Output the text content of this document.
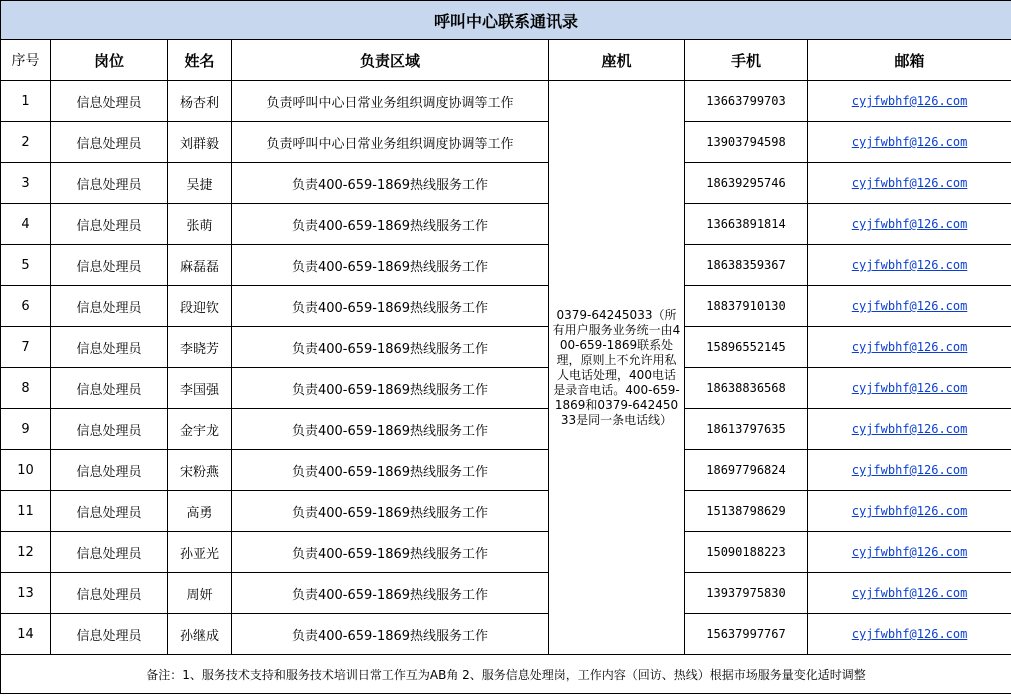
呼叫中心联系通讯录						
序号	岗位	姓名	负责区域	座机	手机	邮箱
1	信息处理员	杨杏利	负责呼叫中心日常业务组织调度协调等工作	0379-64245033（所有用户服务业务统一由400-659-1869联系处理，原则上不允许用私人电话处理，400电话是录音电话。400-659-1869和0379-64245033是同一条电话线）	13663799703	cyjfwbhf@126.com
2	信息处理员	刘群毅	负责呼叫中心日常业务组织调度协调等工作		13903794598	cyjfwbhf@126.com
3	信息处理员	吴捷	负责400-659-1869热线服务工作		18639295746	cyjfwbhf@126.com
4	信息处理员	张萌	负责400-659-1869热线服务工作		13663891814	cyjfwbhf@126.com
5	信息处理员	麻磊磊	负责400-659-1869热线服务工作		18638359367	cyjfwbhf@126.com
6	信息处理员	段迎钦	负责400-659-1869热线服务工作		18837910130	cyjfwbhf@126.com
7	信息处理员	李晓芳	负责400-659-1869热线服务工作		15896552145	cyjfwbhf@126.com
8	信息处理员	李国强	负责400-659-1869热线服务工作		18638836568	cyjfwbhf@126.com
9	信息处理员	金宇龙	负责400-659-1869热线服务工作		18613797635	cyjfwbhf@126.com
10	信息处理员	宋粉燕	负责400-659-1869热线服务工作		18697796824	cyjfwbhf@126.com
11	信息处理员	高勇	负责400-659-1869热线服务工作		15138798629	cyjfwbhf@126.com
12	信息处理员	孙亚光	负责400-659-1869热线服务工作		15090188223	cyjfwbhf@126.com
13	信息处理员	周妍	负责400-659-1869热线服务工作		13937975830	cyjfwbhf@126.com
14	信息处理员	孙继成	负责400-659-1869热线服务工作		15637997767	cyjfwbhf@126.com
备注：1、服务技术支持和服务技术培训日常工作互为AB角 2、服务信息处理岗，工作内容（回访、热线）根据市场服务量变化适时调整						
